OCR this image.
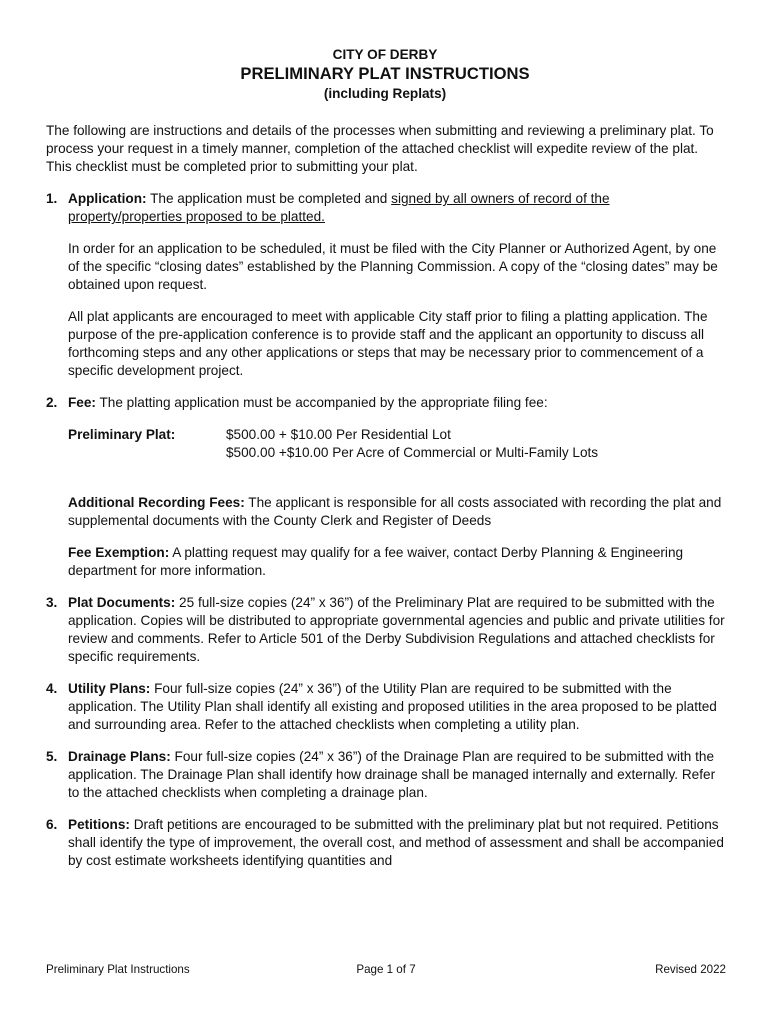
CITY OF DERBY
PRELIMINARY PLAT INSTRUCTIONS
(including Replats)

The following are instructions and details of the processes when submitting and reviewing a preliminary plat. To process your request in a timely manner, completion of the attached checklist will expedite review of the plat. This checklist must be completed prior to submitting your plat.

1. Application: The application must be completed and signed by all owners of record of the property/properties proposed to be platted.

In order for an application to be scheduled, it must be filed with the City Planner or Authorized Agent, by one of the specific “closing dates” established by the Planning Commission. A copy of the “closing dates” may be obtained upon request.

All plat applicants are encouraged to meet with applicable City staff prior to filing a platting application. The purpose of the pre-application conference is to provide staff and the applicant an opportunity to discuss all forthcoming steps and any other applications or steps that may be necessary prior to commencement of a specific development project.

2. Fee: The platting application must be accompanied by the appropriate filing fee:

Preliminary Plat:	$500.00 + $10.00 Per Residential Lot
$500.00 +$10.00 Per Acre of Commercial or Multi-Family Lots

Additional Recording Fees: The applicant is responsible for all costs associated with recording the plat and supplemental documents with the County Clerk and Register of Deeds

Fee Exemption: A platting request may qualify for a fee waiver, contact Derby Planning & Engineering department for more information.

3. Plat Documents: 25 full-size copies (24” x 36”) of the Preliminary Plat are required to be submitted with the application. Copies will be distributed to appropriate governmental agencies and public and private utilities for review and comments. Refer to Article 501 of the Derby Subdivision Regulations and attached checklists for specific requirements.

4. Utility Plans: Four full-size copies (24” x 36”) of the Utility Plan are required to be submitted with the application. The Utility Plan shall identify all existing and proposed utilities in the area proposed to be platted and surrounding area. Refer to the attached checklists when completing a utility plan.

5. Drainage Plans: Four full-size copies (24” x 36”) of the Drainage Plan are required to be submitted with the application. The Drainage Plan shall identify how drainage shall be managed internally and externally. Refer to the attached checklists when completing a drainage plan.

6. Petitions: Draft petitions are encouraged to be submitted with the preliminary plat but not required. Petitions shall identify the type of improvement, the overall cost, and method of assessment and shall be accompanied by cost estimate worksheets identifying quantities and

Preliminary Plat Instructions	Page 1 of 7	Revised 2022
